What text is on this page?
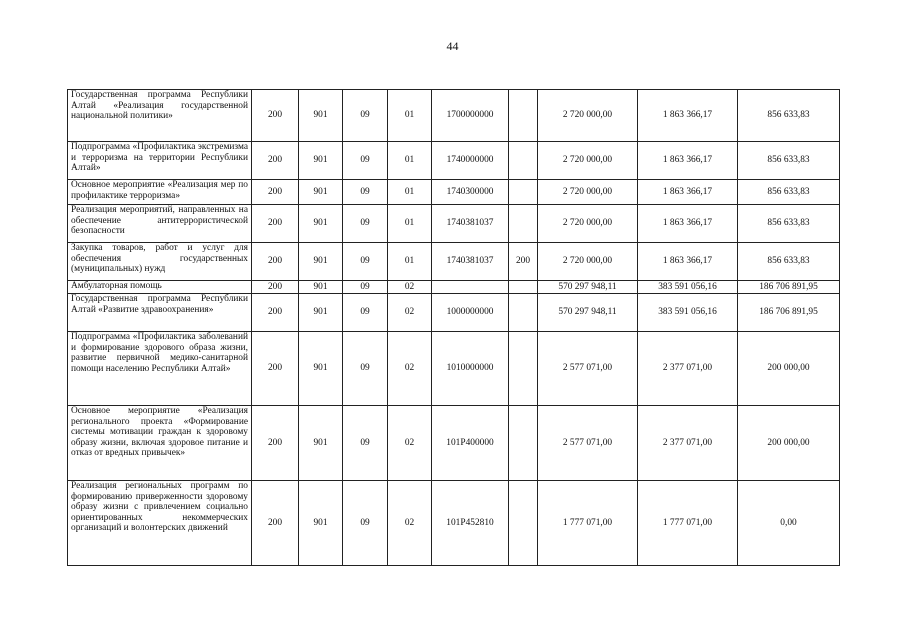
44
Государственная программа Республики Алтай «Реализация государственной национальной политики»	200	901	09	01	1700000000		2 720 000,00	1 863 366,17	856 633,83
Подпрограмма «Профилактика экстремизма и терроризма на территории Республики Алтай»	200	901	09	01	1740000000		2 720 000,00	1 863 366,17	856 633,83
Основное мероприятие «Реализация мер по профилактике терроризма»	200	901	09	01	1740300000		2 720 000,00	1 863 366,17	856 633,83
Реализация мероприятий, направленных на обеспечение антитеррористической безопасности	200	901	09	01	1740381037		2 720 000,00	1 863 366,17	856 633,83
Закупка товаров, работ и услуг для обеспечения государственных (муниципальных) нужд	200	901	09	01	1740381037	200	2 720 000,00	1 863 366,17	856 633,83
Амбулаторная помощь	200	901	09	02			570 297 948,11	383 591 056,16	186 706 891,95
Государственная программа Республики Алтай «Развитие здравоохранения»	200	901	09	02	1000000000		570 297 948,11	383 591 056,16	186 706 891,95
Подпрограмма «Профилактика заболеваний и формирование здорового образа жизни, развитие первичной медико-санитарной помощи населению Республики Алтай»	200	901	09	02	1010000000		2 577 071,00	2 377 071,00	200 000,00
Основное мероприятие «Реализация регионального проекта «Формирование системы мотивации граждан к здоровому образу жизни, включая здоровое питание и отказ от вредных привычек»	200	901	09	02	101P400000		2 577 071,00	2 377 071,00	200 000,00
Реализация региональных программ по формированию приверженности здоровому образу жизни с привлечением социально ориентированных некоммерческих организаций и волонтерских движений	200	901	09	02	101P452810		1 777 071,00	1 777 071,00	0,00
